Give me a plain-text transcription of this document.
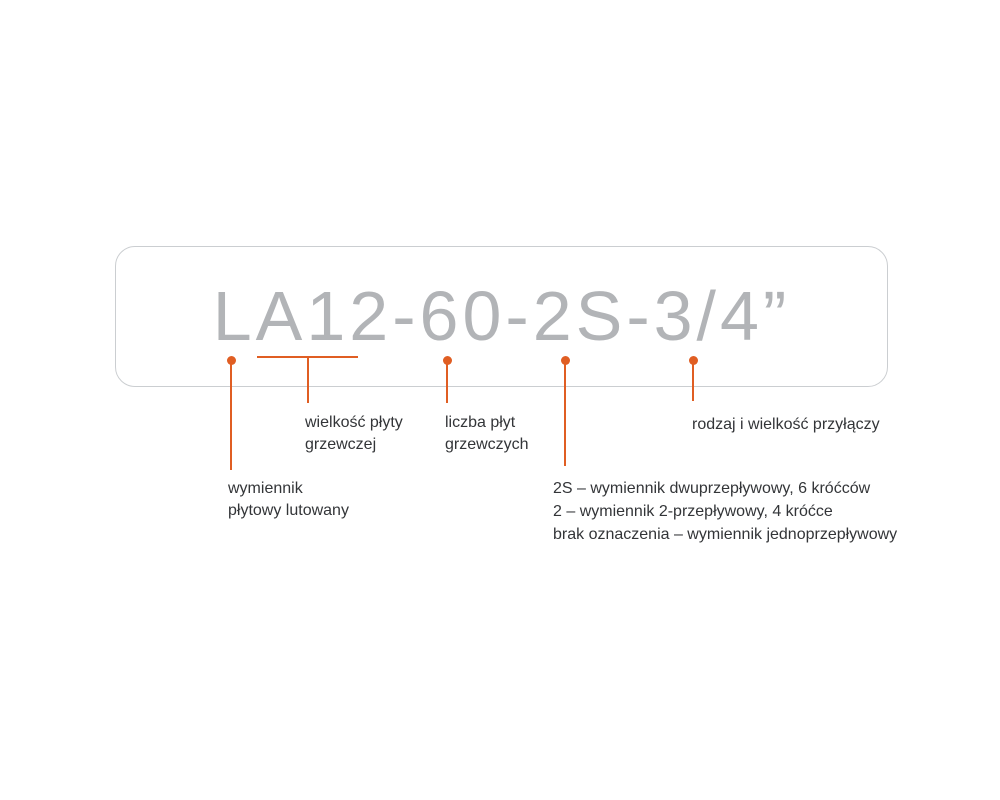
LA12-60-2S-3/4”
wielkość płyty
grzewczej
liczba płyt
grzewczych
rodzaj i wielkość przyłączy
wymiennik
płytowy lutowany
2S – wymiennik dwuprzepływowy, 6 króćców
2 – wymiennik 2-przepływowy, 4 króćce
brak oznaczenia – wymiennik jednoprzepływowy
